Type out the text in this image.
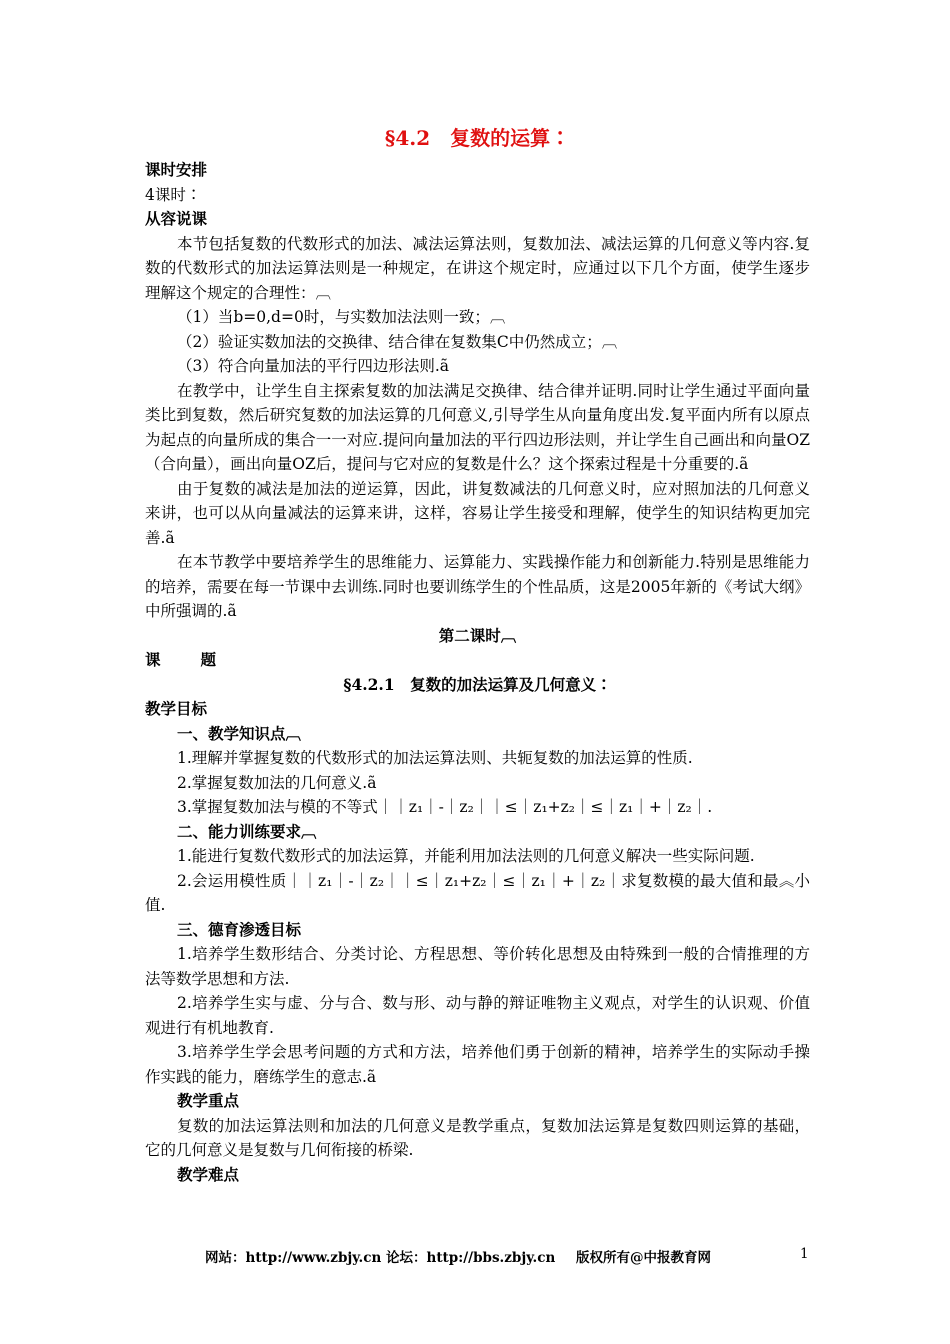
§4.2　复数的运算∶
课时安排
4课时∶
从容说课
本节包括复数的代数形式的加法、减法运算法则，复数加法、减法运算的几何意义等内容.复数的代数形式的加法运算法则是一种规定，在讲这个规定时，应通过以下几个方面，使学生逐步理解这个规定的合理性：︹
（1）当b=0,d=0时，与实数加法法则一致；︹
（2）验证实数加法的交换律、结合律在复数集C中仍然成立；︹
（3）符合向量加法的平行四边形法则.ã
在教学中，让学生自主探索复数的加法满足交换律、结合律并证明.同时让学生通过平面向量类比到复数，然后研究复数的加法运算的几何意义,引导学生从向量角度出发.复平面内所有以原点为起点的向量所成的集合一一对应.提问向量加法的平行四边形法则，并让学生自己画出和向量OZ（合向量），画出向量OZ后，提问与它对应的复数是什么？这个探索过程是十分重要的.ã
由于复数的减法是加法的逆运算，因此，讲复数减法的几何意义时，应对照加法的几何意义来讲，也可以从向量减法的运算来讲，这样，容易让学生接受和理解，使学生的知识结构更加完善.ã
在本节教学中要培养学生的思维能力、运算能力、实践操作能力和创新能力.特别是思维能力的培养，需要在每一节课中去训练.同时也要训练学生的个性品质，这是2005年新的《考试大纲》中所强调的.ã
第二课时︹
课	题
§4.2.1　复数的加法运算及几何意义∶
教学目标
一、教学知识点︹
1.理解并掌握复数的代数形式的加法运算法则、共轭复数的加法运算的性质.
2.掌握复数加法的几何意义.ã
3.掌握复数加法与模的不等式｜｜z₁｜-｜z₂｜｜≤｜z₁+z₂｜≤｜z₁｜+｜z₂｜.
二、能力训练要求︹
1.能进行复数代数形式的加法运算，并能利用加法法则的几何意义解决一些实际问题.
2.会运用模性质｜｜z₁｜-｜z₂｜｜≤｜z₁+z₂｜≤｜z₁｜+｜z₂｜求复数模的最大值和最︽小值.
三、德育渗透目标
1.培养学生数形结合、分类讨论、方程思想、等价转化思想及由特殊到一般的合情推理的方法等数学思想和方法.
2.培养学生实与虚、分与合、数与形、动与静的辩证唯物主义观点，对学生的认识观、价值观进行有机地教育.
3.培养学生学会思考问题的方式和方法，培养他们勇于创新的精神，培养学生的实际动手操作实践的能力，磨练学生的意志.ã
教学重点
复数的加法运算法则和加法的几何意义是教学重点，复数加法运算是复数四则运算的基础，它的几何意义是复数与几何衔接的桥梁.
教学难点
网站：http://www.zbjy.cn 论坛：http://bbs.zbjy.cn 版权所有@中报教育网	1
